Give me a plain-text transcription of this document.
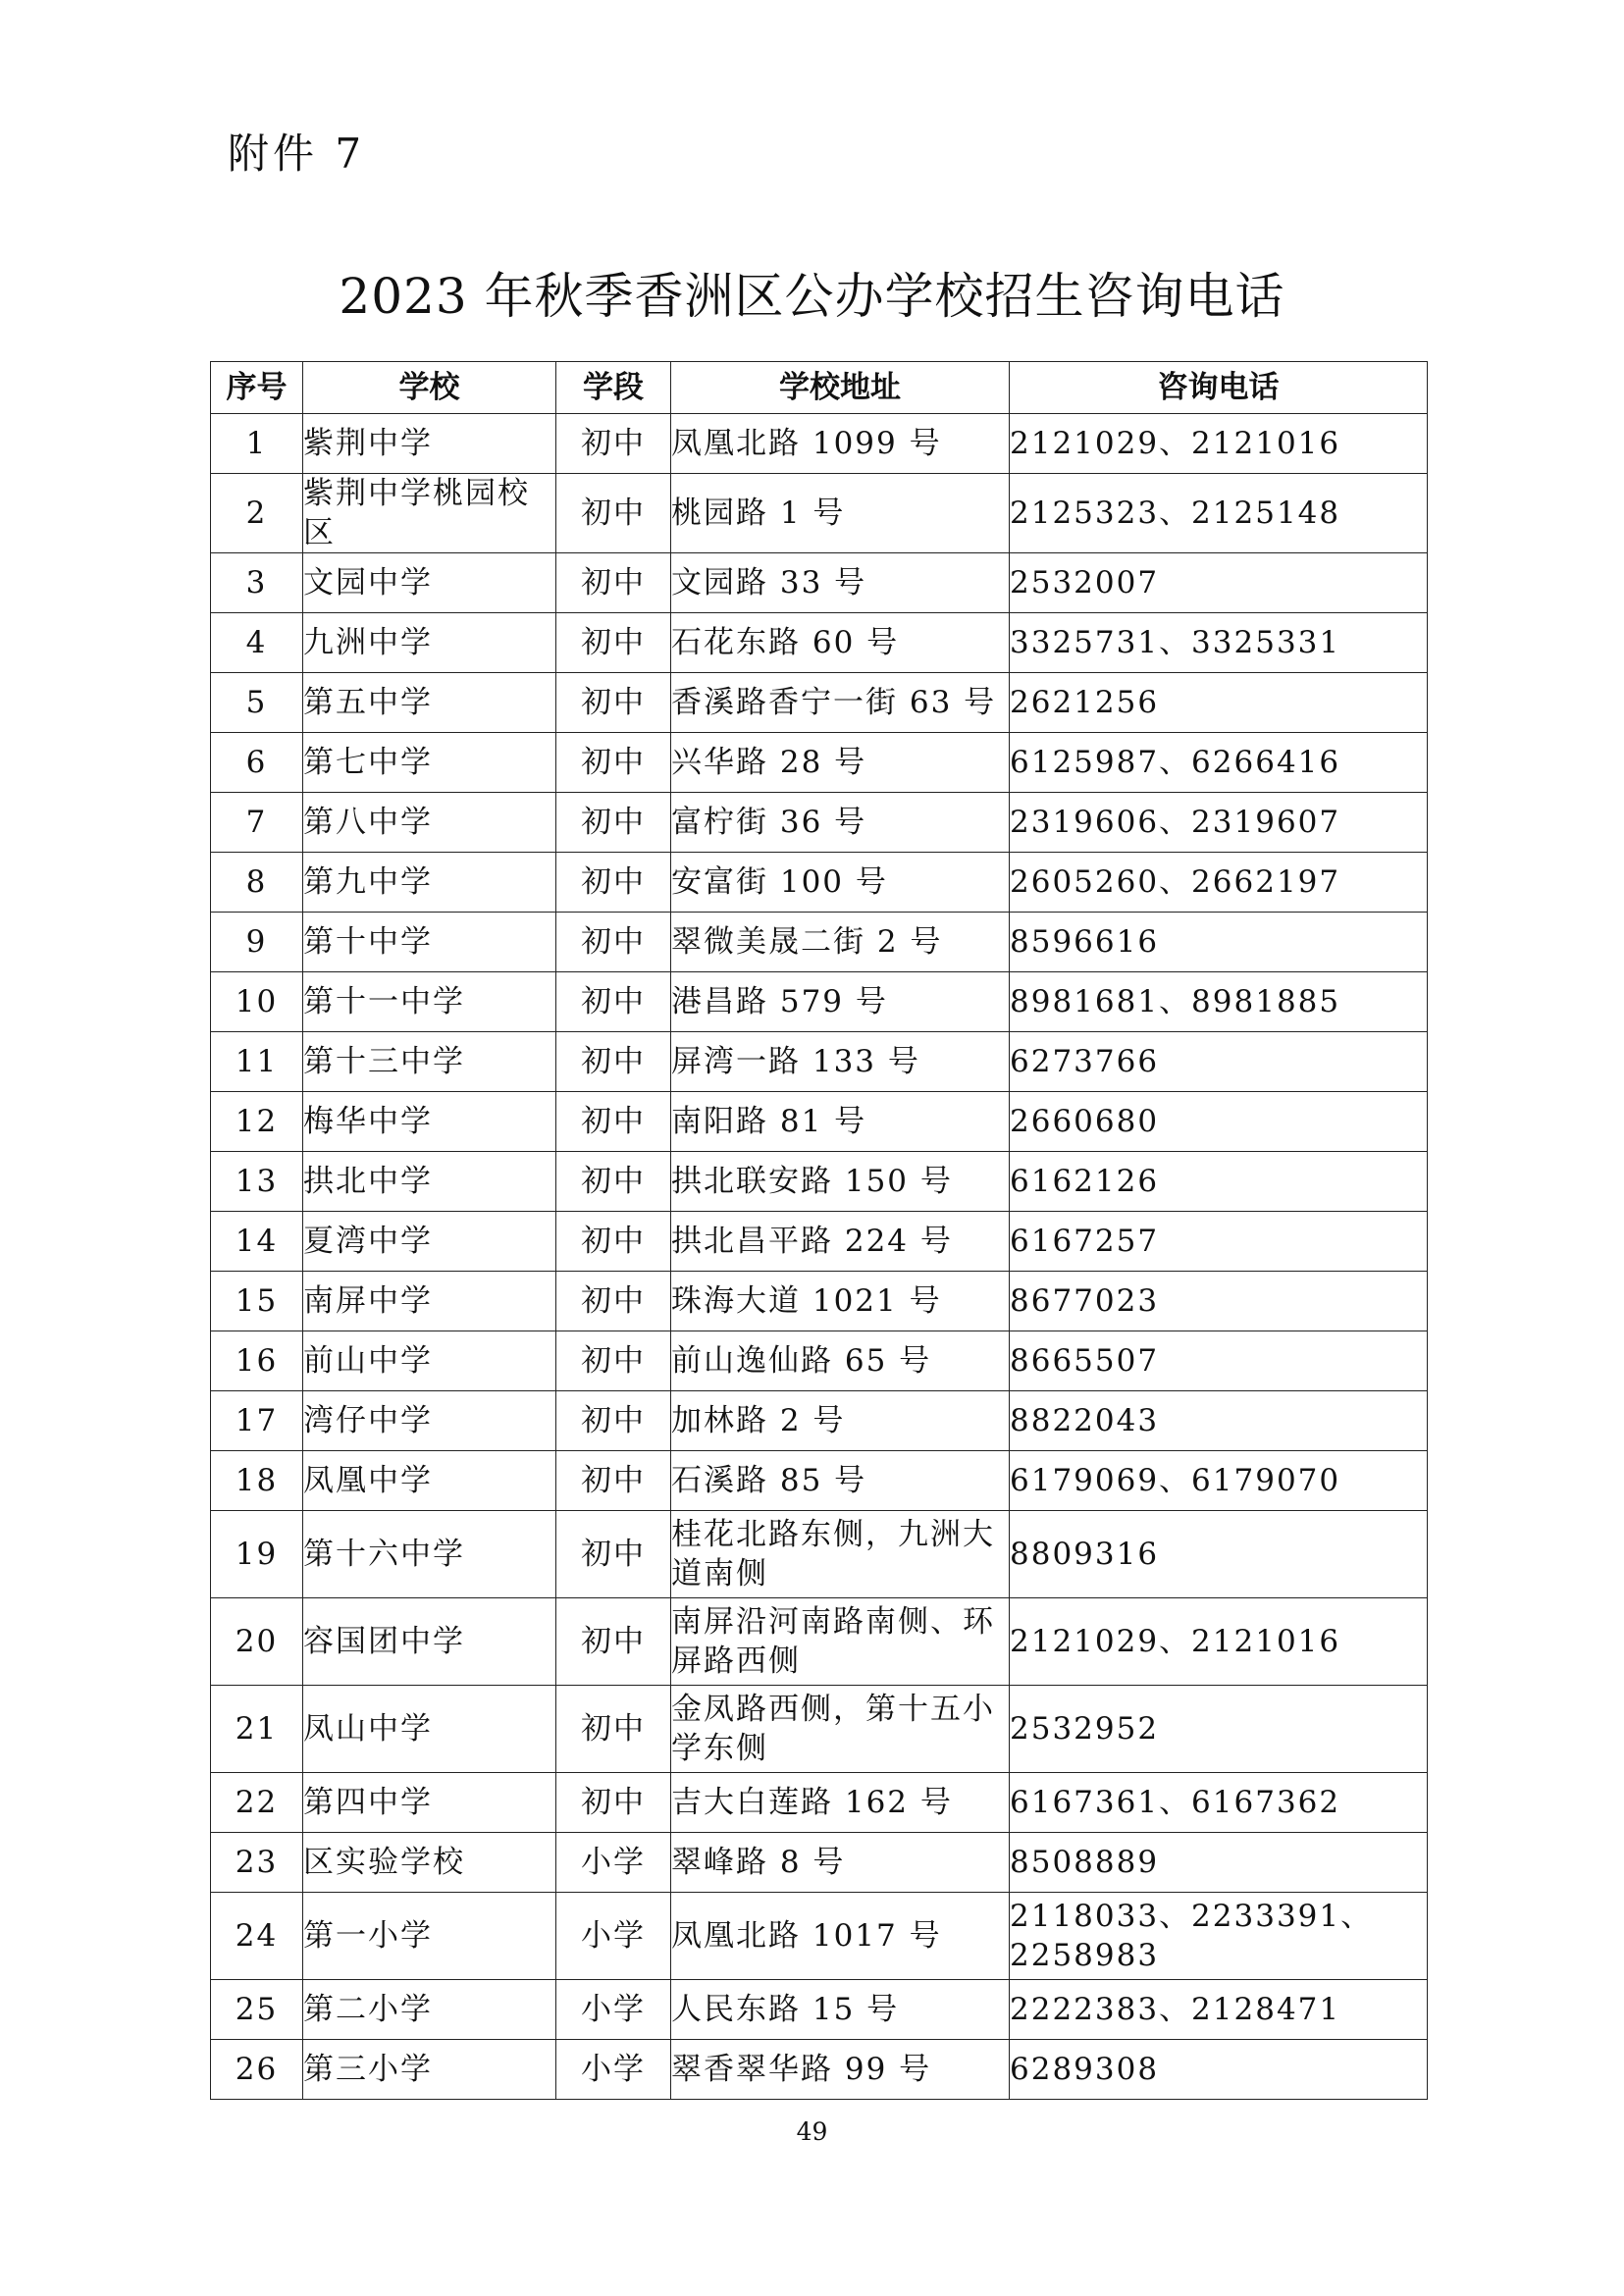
附件 7
2023 年秋季香洲区公办学校招生咨询电话
序号	学校	学段	学校地址	咨询电话
1	紫荆中学	初中	凤凰北路 1099 号	2121029、2121016
2	紫荆中学桃园校区	初中	桃园路 1 号	2125323、2125148
3	文园中学	初中	文园路 33 号	2532007
4	九洲中学	初中	石花东路 60 号	3325731、3325331
5	第五中学	初中	香溪路香宁一街 63 号	2621256
6	第七中学	初中	兴华路 28 号	6125987、6266416
7	第八中学	初中	富柠街 36 号	2319606、2319607
8	第九中学	初中	安富街 100 号	2605260、2662197
9	第十中学	初中	翠微美晟二街 2 号	8596616
10	第十一中学	初中	港昌路 579 号	8981681、8981885
11	第十三中学	初中	屏湾一路 133 号	6273766
12	梅华中学	初中	南阳路 81 号	2660680
13	拱北中学	初中	拱北联安路 150 号	6162126
14	夏湾中学	初中	拱北昌平路 224 号	6167257
15	南屏中学	初中	珠海大道 1021 号	8677023
16	前山中学	初中	前山逸仙路 65 号	8665507
17	湾仔中学	初中	加林路 2 号	8822043
18	凤凰中学	初中	石溪路 85 号	6179069、6179070
19	第十六中学	初中	桂花北路东侧，九洲大道南侧	8809316
20	容国团中学	初中	南屏沿河南路南侧、环屏路西侧	2121029、2121016
21	凤山中学	初中	金凤路西侧，第十五小学东侧	2532952
22	第四中学	初中	吉大白莲路 162 号	6167361、6167362
23	区实验学校	小学	翠峰路 8 号	8508889
24	第一小学	小学	凤凰北路 1017 号	2118033、2233391、2258983
25	第二小学	小学	人民东路 15 号	2222383、2128471
26	第三小学	小学	翠香翠华路 99 号	6289308
49
